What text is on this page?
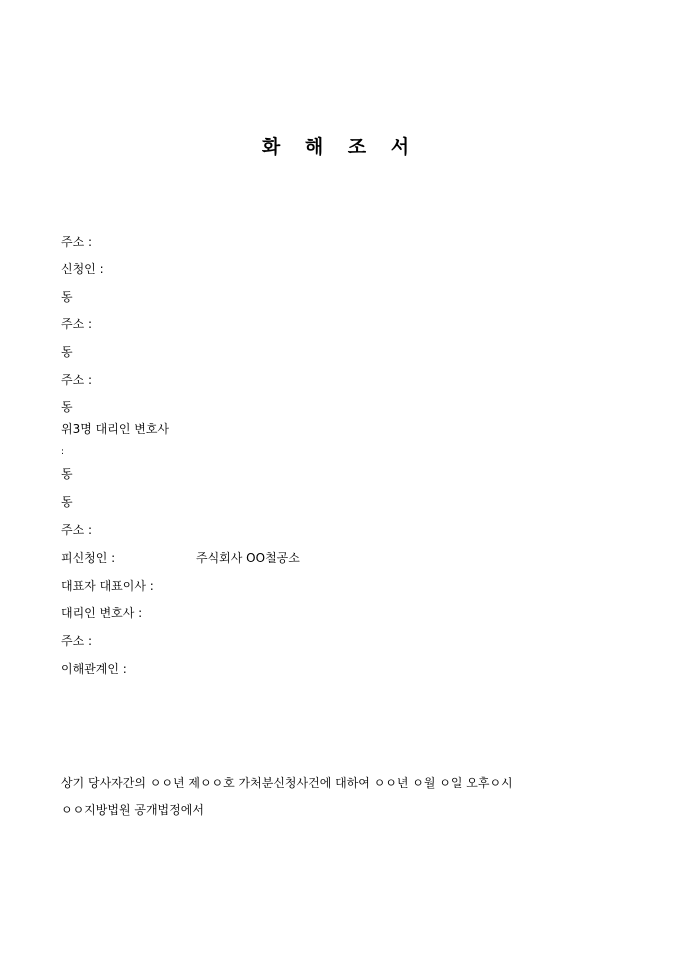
화 해 조 서
주소 :
신청인 :
동
주소 :
동
주소 :
동
위3명 대리인 변호사
:
동
동
주소 :
피신청인 :	주식회사 OO철공소
대표자 대표이사 :
대리인 변호사 :
주소 :
이해관계인 :
상기 당사자간의 ㅇㅇ년 제ㅇㅇ호 가처분신청사건에 대하여 ㅇㅇ년 ㅇ월 ㅇ일 오후ㅇ시
ㅇㅇ지방법원 공개법정에서
